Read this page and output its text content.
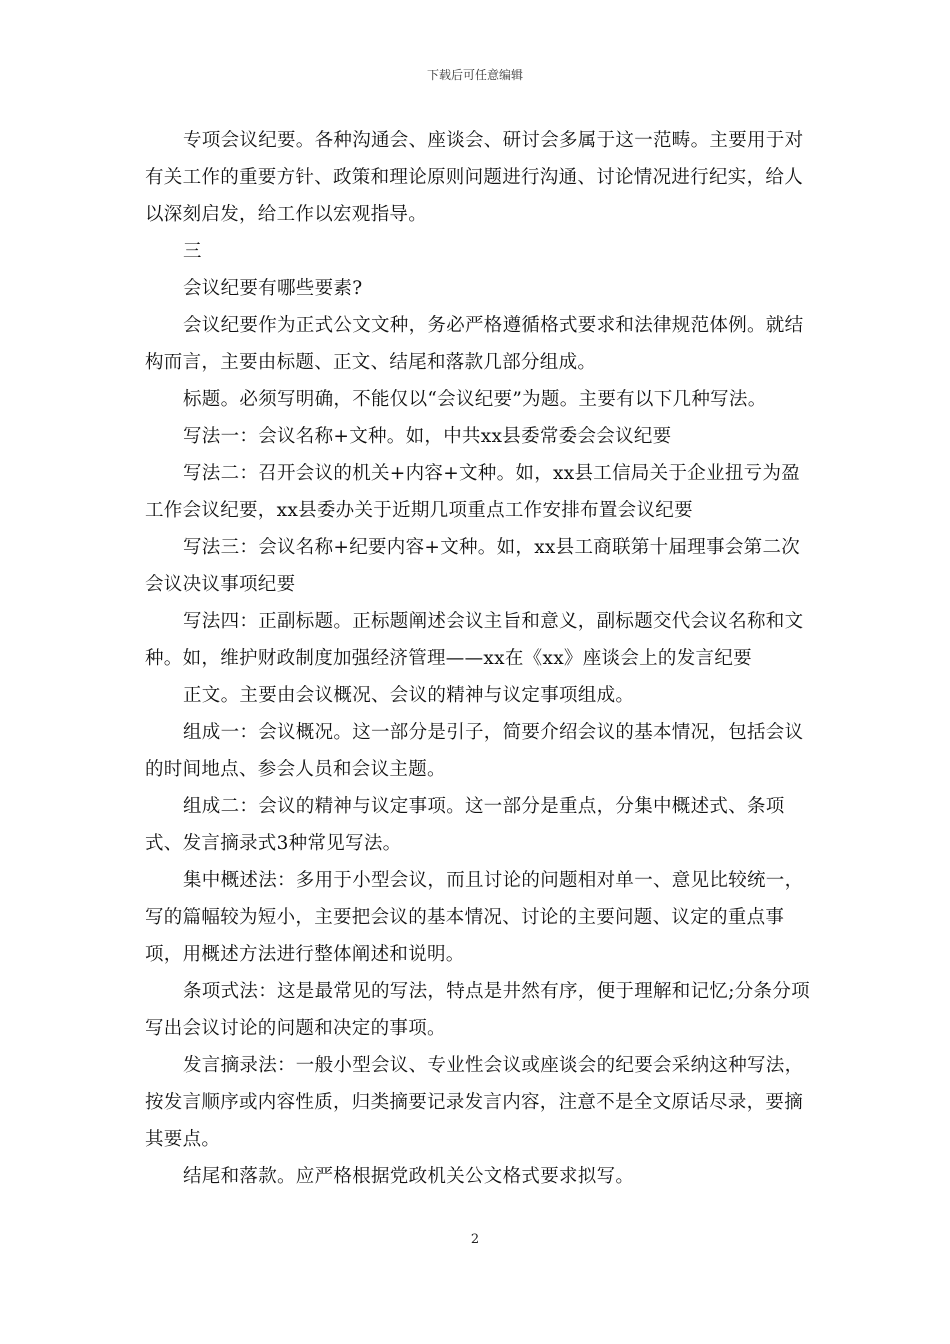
下载后可任意编辑

专项会议纪要。各种沟通会、座谈会、研讨会多属于这一范畴。主要用于对有关工作的重要方针、政策和理论原则问题进行沟通、讨论情况进行纪实，给人以深刻启发，给工作以宏观指导。

三

会议纪要有哪些要素?

会议纪要作为正式公文文种，务必严格遵循格式要求和法律规范体例。就结构而言，主要由标题、正文、结尾和落款几部分组成。

标题。必须写明确，不能仅以“会议纪要”为题。主要有以下几种写法。

写法一：会议名称+文种。如，中共xx县委常委会会议纪要

写法二：召开会议的机关+内容+文种。如，xx县工信局关于企业扭亏为盈工作会议纪要，xx县委办关于近期几项重点工作安排布置会议纪要

写法三：会议名称+纪要内容+文种。如，xx县工商联第十届理事会第二次会议决议事项纪要

写法四：正副标题。正标题阐述会议主旨和意义，副标题交代会议名称和文种。如，维护财政制度加强经济管理——xx在《xx》座谈会上的发言纪要

正文。主要由会议概况、会议的精神与议定事项组成。

组成一：会议概况。这一部分是引子，简要介绍会议的基本情况，包括会议的时间地点、参会人员和会议主题。

组成二：会议的精神与议定事项。这一部分是重点，分集中概述式、条项式、发言摘录式3种常见写法。

集中概述法：多用于小型会议，而且讨论的问题相对单一、意见比较统一，写的篇幅较为短小，主要把会议的基本情况、讨论的主要问题、议定的重点事项，用概述方法进行整体阐述和说明。

条项式法：这是最常见的写法，特点是井然有序，便于理解和记忆;分条分项写出会议讨论的问题和决定的事项。

发言摘录法：一般小型会议、专业性会议或座谈会的纪要会采纳这种写法，按发言顺序或内容性质，归类摘要记录发言内容，注意不是全文原话尽录，要摘其要点。

结尾和落款。应严格根据党政机关公文格式要求拟写。

2
